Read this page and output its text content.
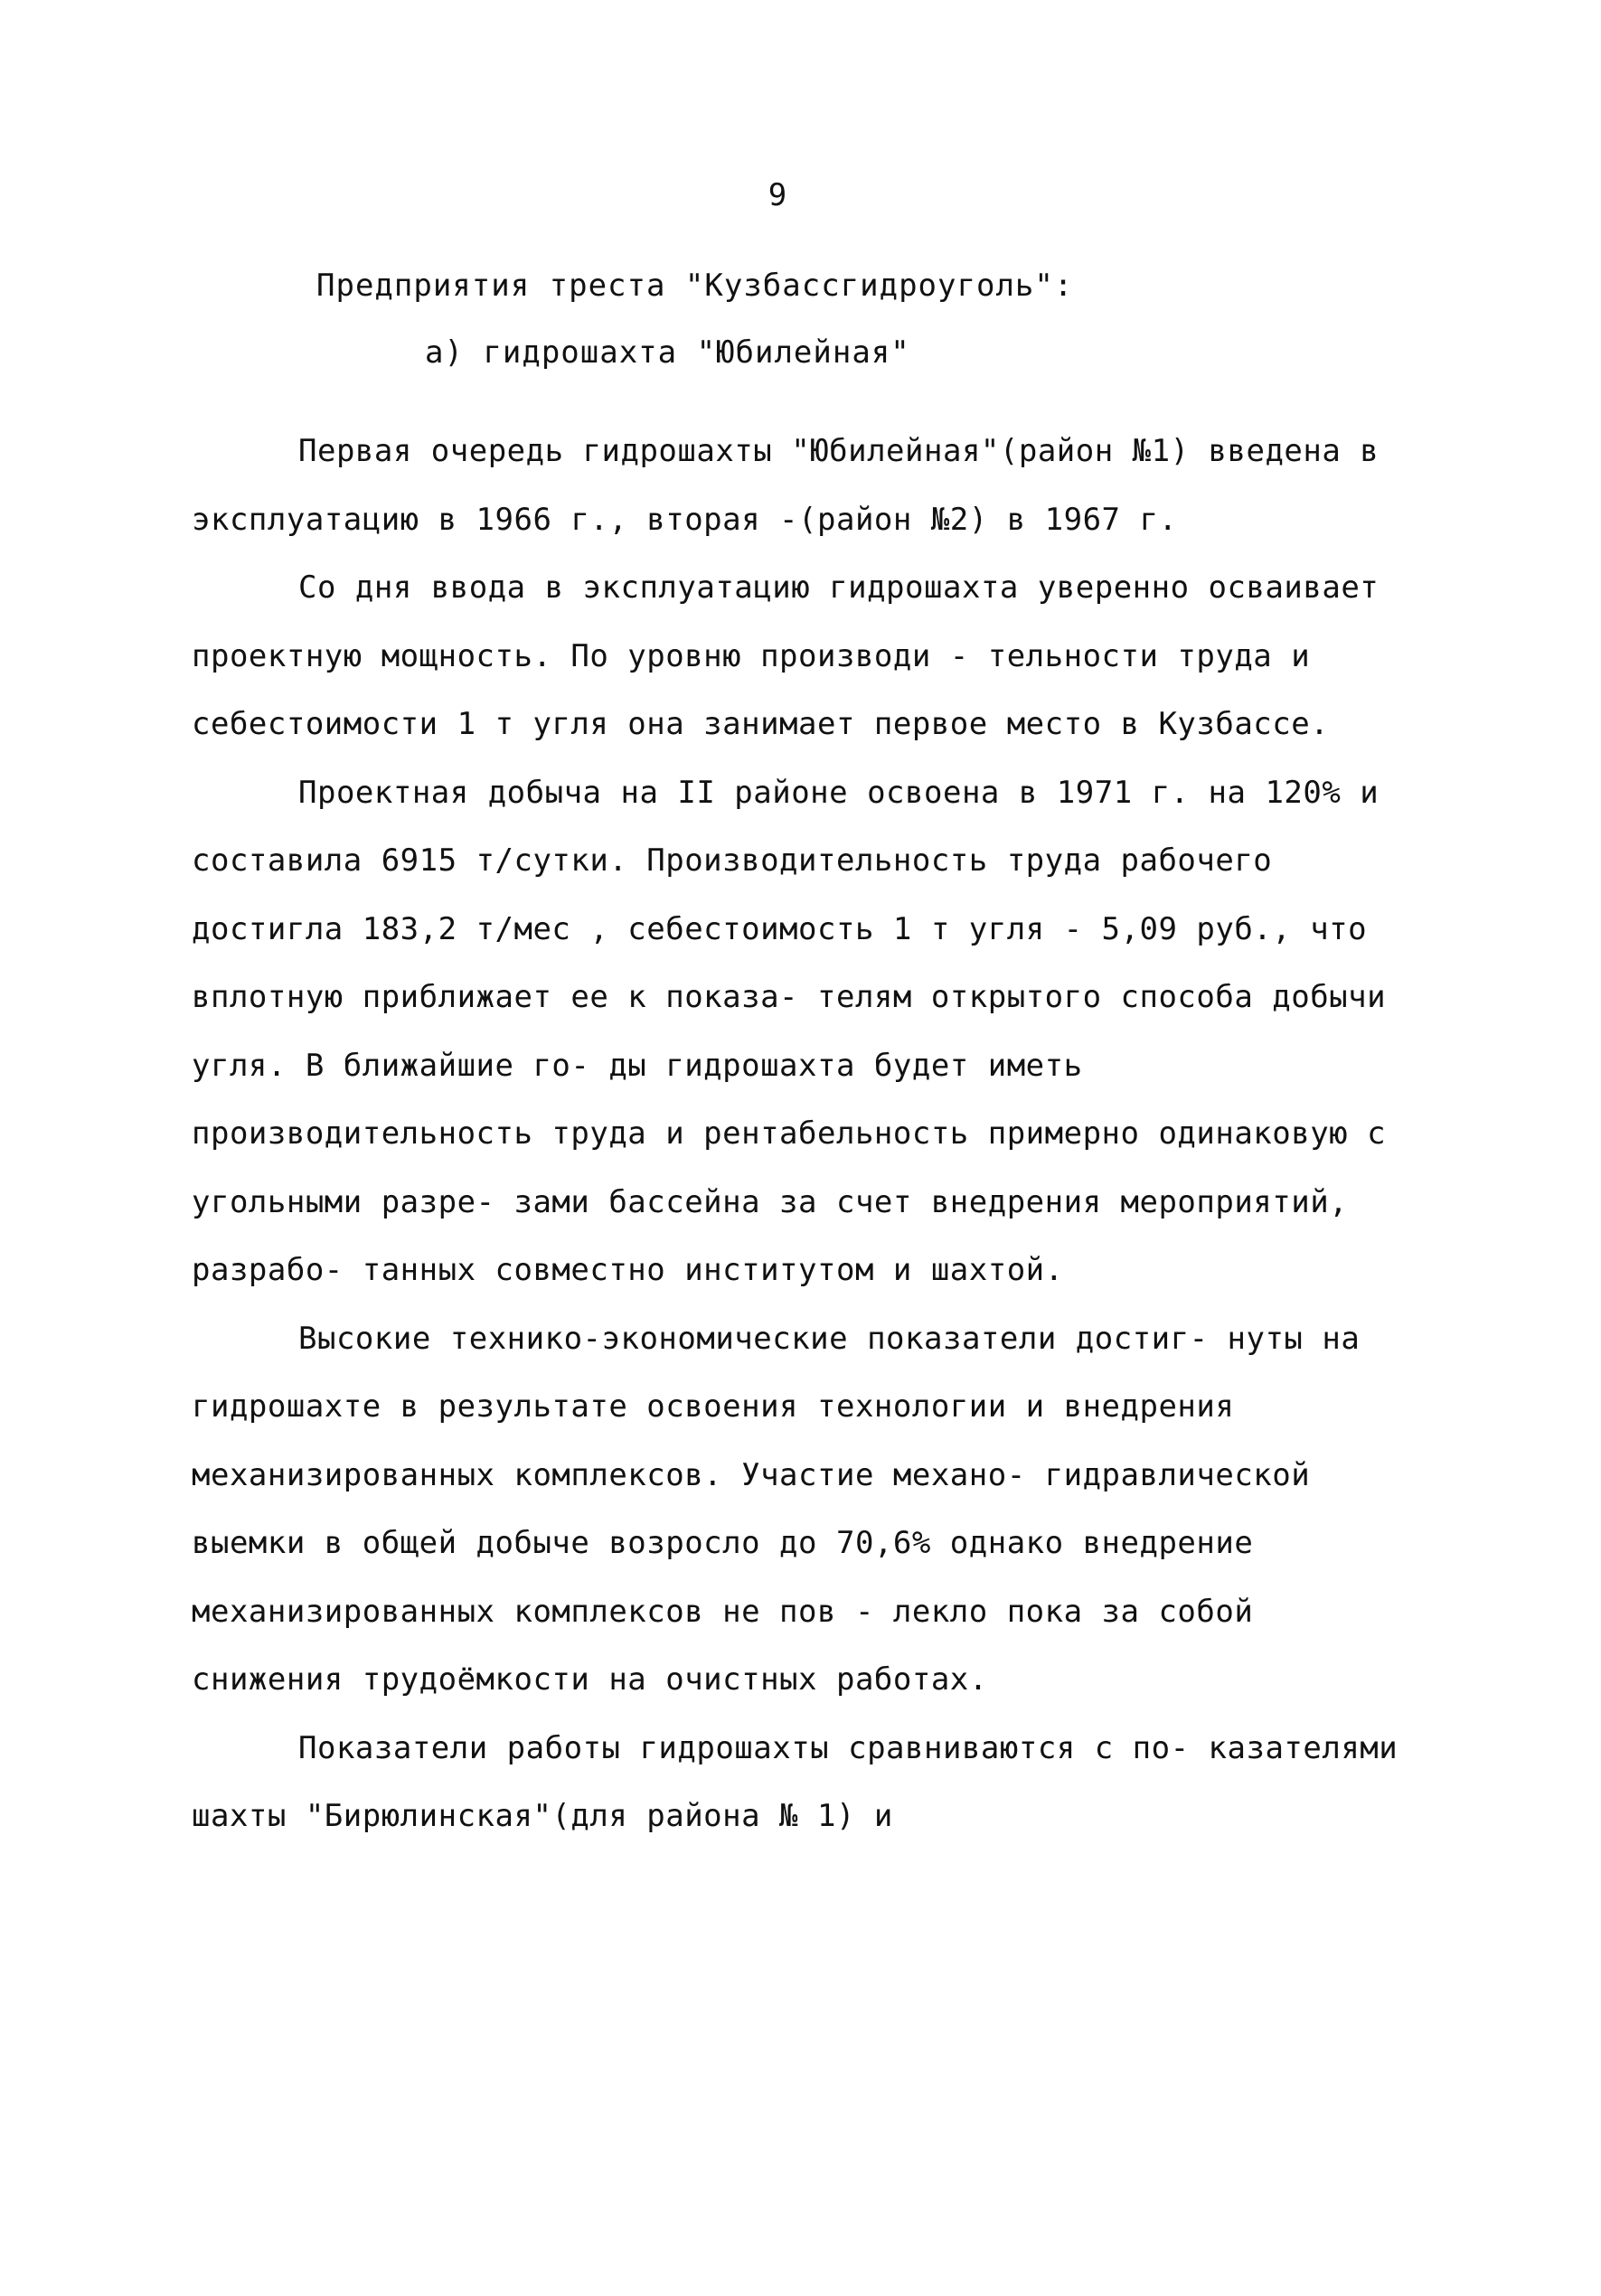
9
Предприятия треста "Кузбассгидроуголь":
а) гидрошахта "Юбилейная"

Первая очередь гидрошахты "Юбилейная"(район №1) введена в эксплуатацию в 1966 г., вторая -(район №2) в 1967 г.

Со дня ввода в эксплуатацию гидрошахта уверенно осваивает проектную мощность. По уровню производи - тельности труда и себестоимости 1 т угля она занимает первое место в Кузбассе.

Проектная добыча на II районе освоена в 1971 г. на 120% и составила 6915 т/сутки. Производительность труда рабочего достигла 183,2 т/мес , себестоимость 1 т угля - 5,09 руб., что вплотную приближает ее к показа- телям открытого способа добычи угля. В ближайшие го- ды гидрошахта будет иметь производительность труда и рентабельность примерно одинаковую с угольными разре- зами бассейна за счет внедрения мероприятий, разрабо- танных совместно институтом и шахтой.

Высокие технико-экономические показатели достиг- нуты на гидрошахте в результате освоения технологии и внедрения механизированных комплексов. Участие механо- гидравлической выемки в общей добыче возросло до 70,6% однако внедрение механизированных комплексов не пов - лекло пока за собой снижения трудоёмкости на очистных работах.

Показатели работы гидрошахты сравниваются с по- казателями шахты "Бирюлинская"(для района № 1) и
